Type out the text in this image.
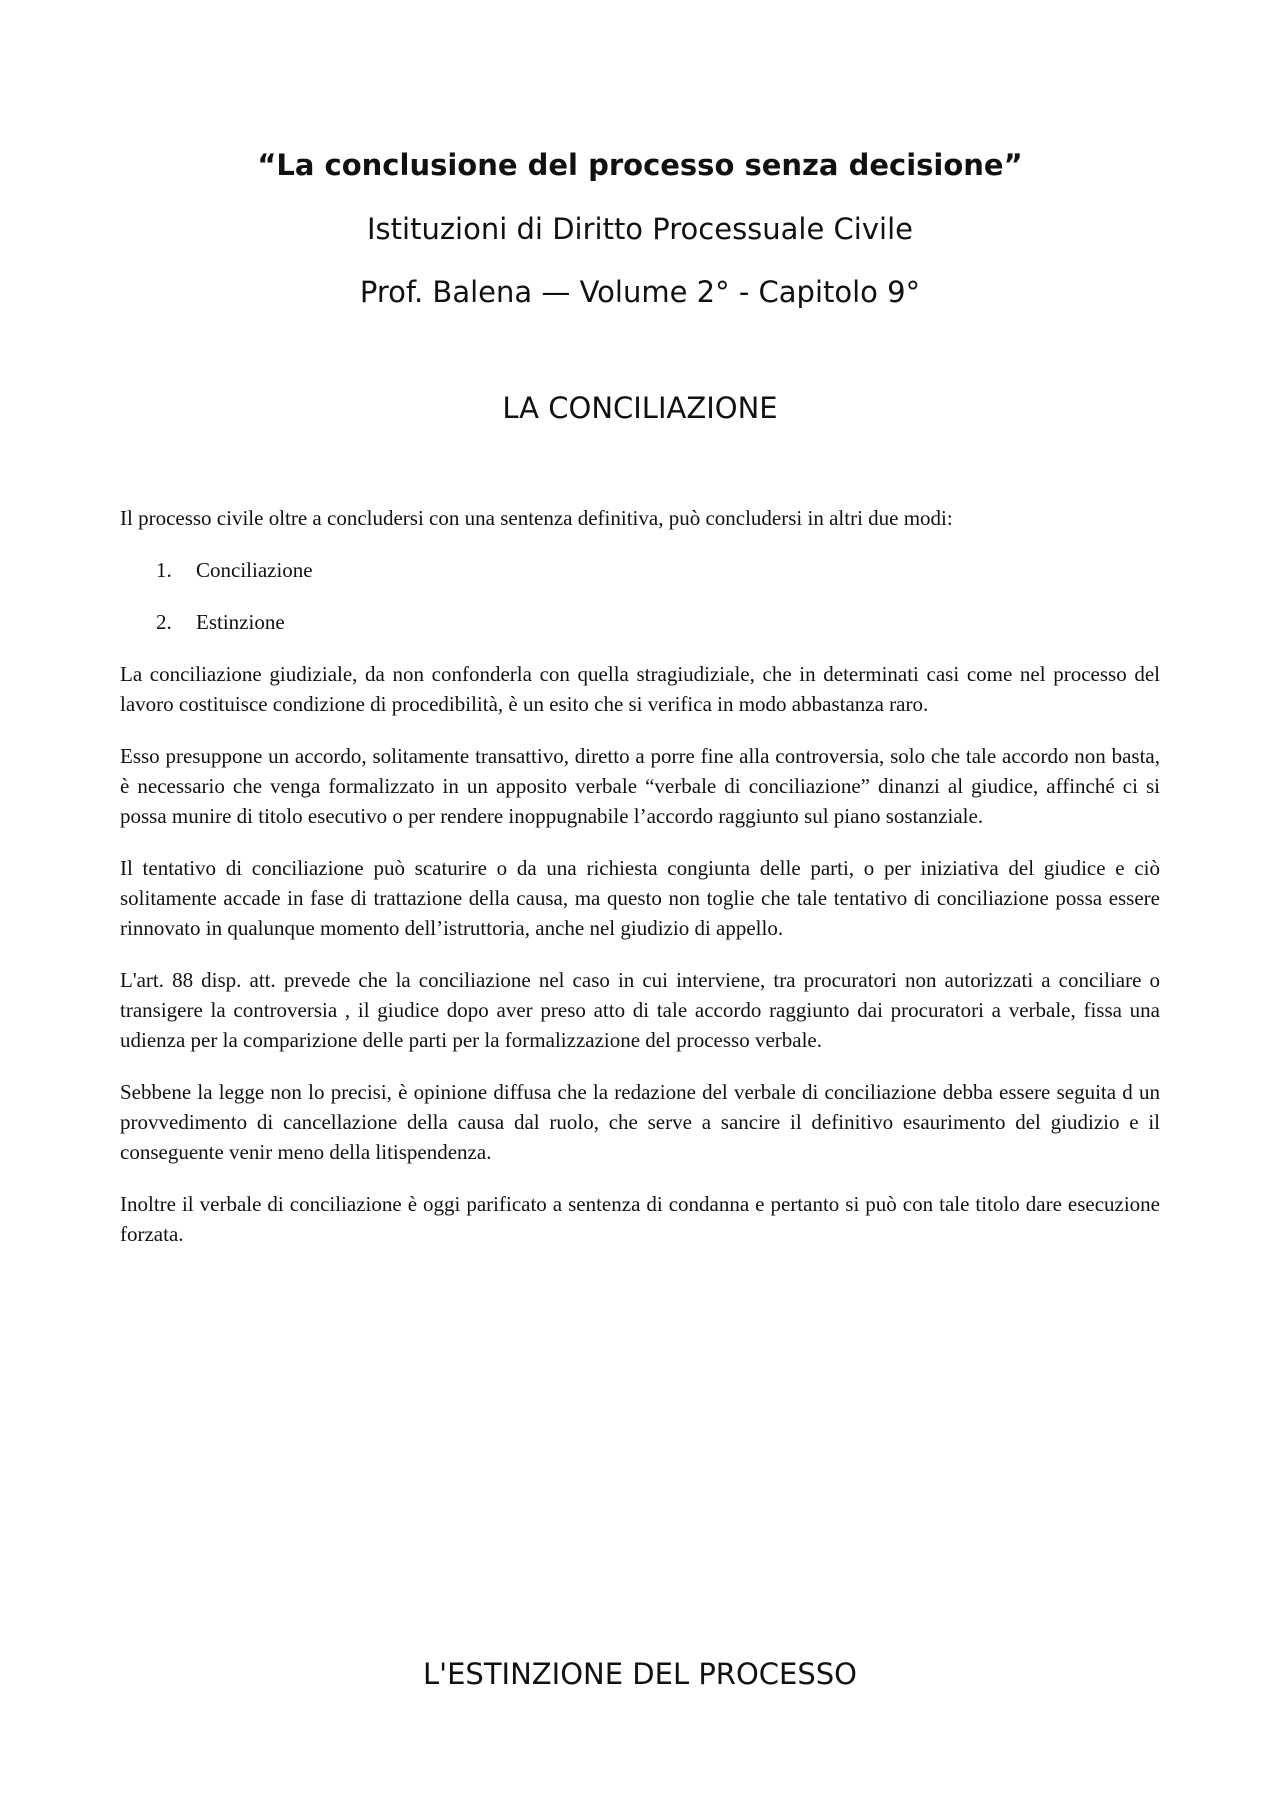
“La conclusione del processo senza decisione”
Istituzioni di Diritto Processuale Civile
Prof. Balena — Volume 2° - Capitolo 9°
LA CONCILIAZIONE

Il processo civile oltre a concludersi con una sentenza definitiva, può concludersi in altri due modi:

1.	Conciliazione
2.	Estinzione

La conciliazione giudiziale, da non confonderla con quella stragiudiziale, che in determinati casi come nel processo del lavoro costituisce condizione di procedibilità, è un esito che si verifica in modo abbastanza raro.

Esso presuppone un accordo, solitamente transattivo, diretto a porre fine alla controversia, solo che tale accordo non basta, è necessario che venga formalizzato in un apposito verbale “verbale di conciliazione” dinanzi al giudice, affinché ci si possa munire di titolo esecutivo o per rendere inoppugnabile l’accordo raggiunto sul piano sostanziale.

Il tentativo di conciliazione può scaturire o da una richiesta congiunta delle parti, o per iniziativa del giudice e ciò solitamente accade in fase di trattazione della causa, ma questo non toglie che tale tentativo di conciliazione possa essere rinnovato in qualunque momento dell’istruttoria, anche nel giudizio di appello.

L'art. 88 disp. att. prevede che la conciliazione nel caso in cui interviene, tra procuratori non autorizzati a conciliare o transigere la controversia , il giudice dopo aver preso atto di tale accordo raggiunto dai procuratori a verbale, fissa una udienza per la comparizione delle parti per la formalizzazione del processo verbale.

Sebbene la legge non lo precisi, è opinione diffusa che la redazione del verbale di conciliazione debba essere seguita d un provvedimento di cancellazione della causa dal ruolo, che serve a sancire il definitivo esaurimento del giudizio e il conseguente venir meno della litispendenza.

Inoltre il verbale di conciliazione è oggi parificato a sentenza di condanna e pertanto si può con tale titolo dare esecuzione forzata.

L'ESTINZIONE DEL PROCESSO
